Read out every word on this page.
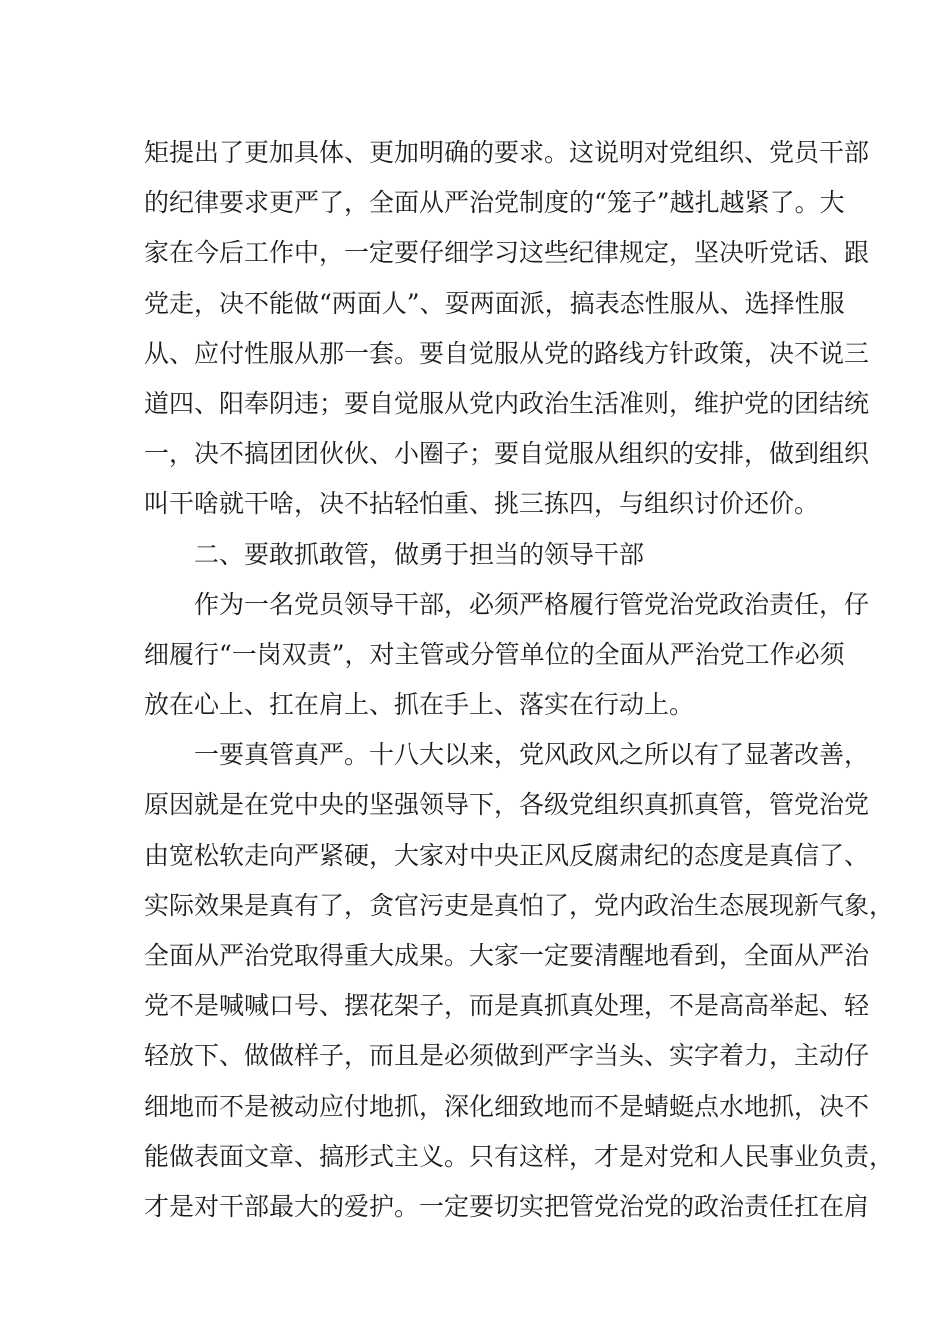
矩提出了更加具体、更加明确的要求。这说明对党组织、党员干部
的纪律要求更严了，全面从严治党制度的“笼子”越扎越紧了。大
家在今后工作中，一定要仔细学习这些纪律规定，坚决听党话、跟
党走，决不能做“两面人”、耍两面派，搞表态性服从、选择性服
从、应付性服从那一套。要自觉服从党的路线方针政策，决不说三
道四、阳奉阴违；要自觉服从党内政治生活准则，维护党的团结统
一，决不搞团团伙伙、小圈子；要自觉服从组织的安排，做到组织
叫干啥就干啥，决不拈轻怕重、挑三拣四，与组织讨价还价。
二、要敢抓敢管，做勇于担当的领导干部
作为一名党员领导干部，必须严格履行管党治党政治责任，仔
细履行“一岗双责”，对主管或分管单位的全面从严治党工作必须
放在心上、扛在肩上、抓在手上、落实在行动上。
一要真管真严。十八大以来，党风政风之所以有了显著改善，
原因就是在党中央的坚强领导下，各级党组织真抓真管，管党治党
由宽松软走向严紧硬，大家对中央正风反腐肃纪的态度是真信了、
实际效果是真有了，贪官污吏是真怕了，党内政治生态展现新气象，
全面从严治党取得重大成果。大家一定要清醒地看到，全面从严治
党不是喊喊口号、摆花架子，而是真抓真处理，不是高高举起、轻
轻放下、做做样子，而且是必须做到严字当头、实字着力，主动仔
细地而不是被动应付地抓，深化细致地而不是蜻蜓点水地抓，决不
能做表面文章、搞形式主义。只有这样，才是对党和人民事业负责，
才是对干部最大的爱护。一定要切实把管党治党的政治责任扛在肩
